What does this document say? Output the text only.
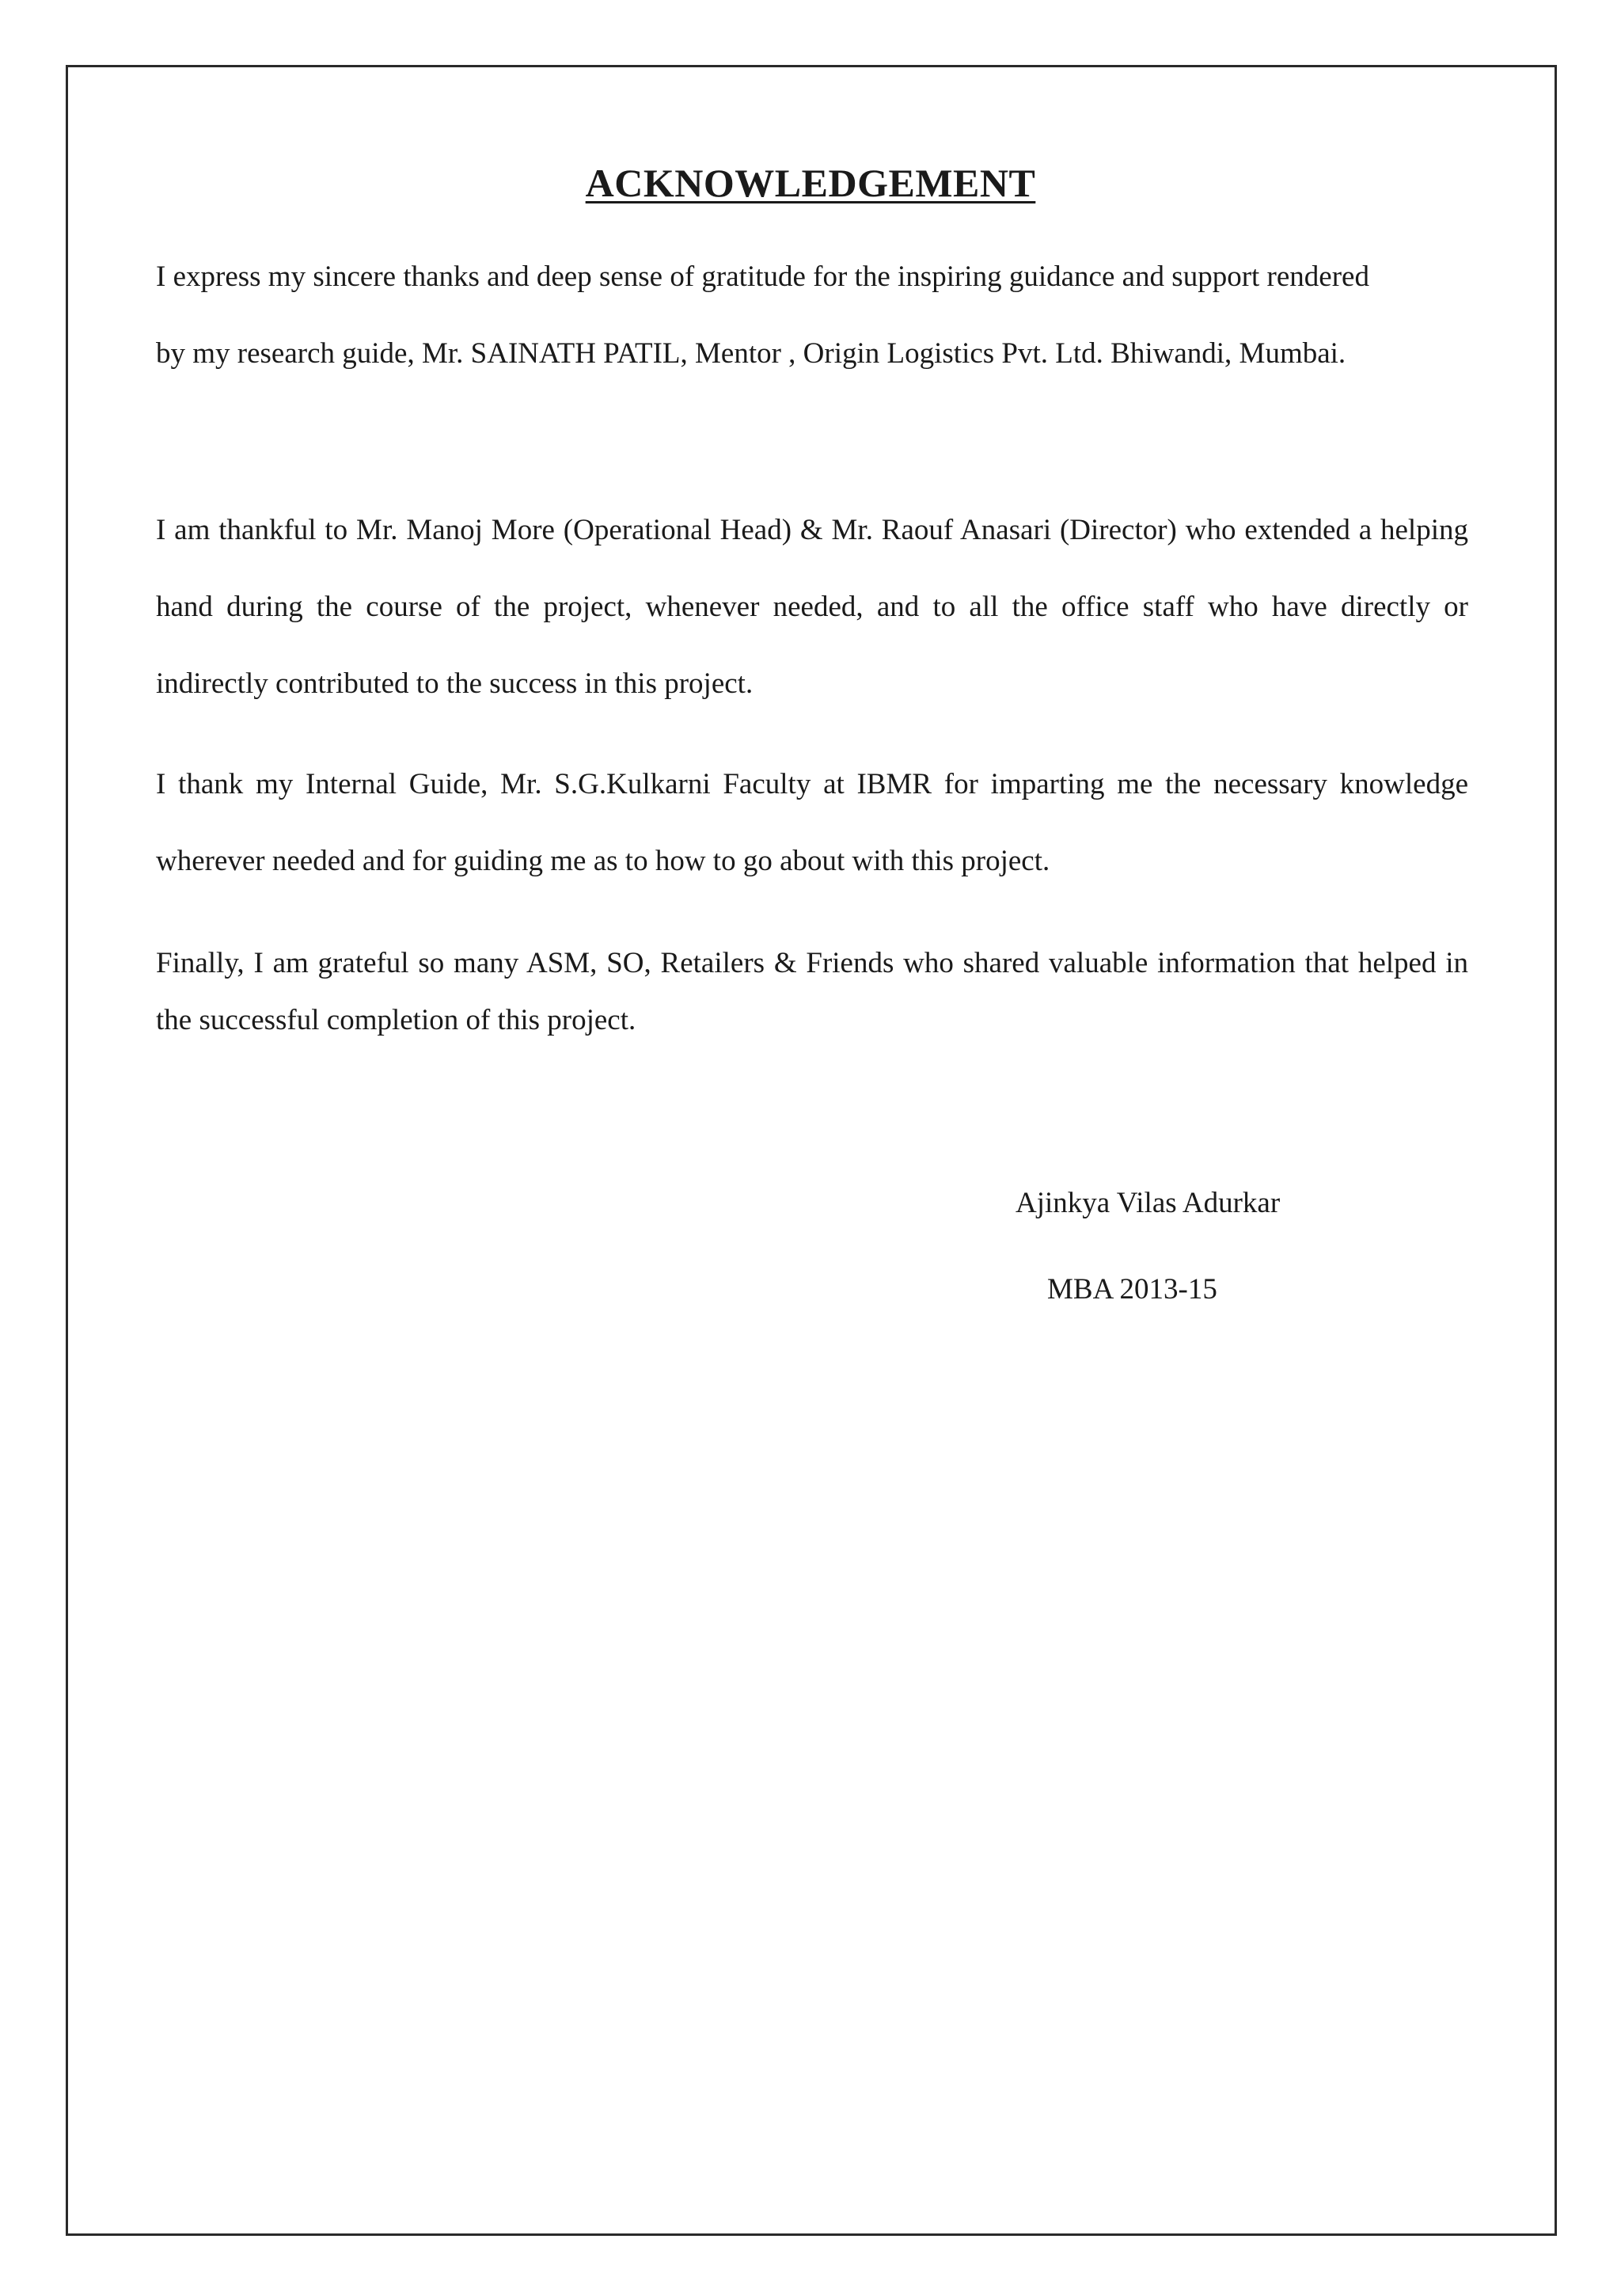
ACKNOWLEDGEMENT

I express my sincere thanks and deep sense of gratitude for the inspiring guidance and support rendered by my research guide, Mr. SAINATH PATIL, Mentor , Origin Logistics Pvt. Ltd. Bhiwandi, Mumbai.

I am thankful to Mr. Manoj More (Operational Head) & Mr. Raouf Anasari (Director) who extended a helping hand during the course of the project, whenever needed, and to all the office staff who have directly or indirectly contributed to the success in this project.

I thank my Internal Guide, Mr. S.G.Kulkarni Faculty at IBMR for imparting me the necessary knowledge wherever needed and for guiding me as to how to go about with this project.

Finally, I am grateful so many ASM, SO, Retailers & Friends who shared valuable information that helped in the successful completion of this project.

Ajinkya Vilas Adurkar
MBA 2013-15
